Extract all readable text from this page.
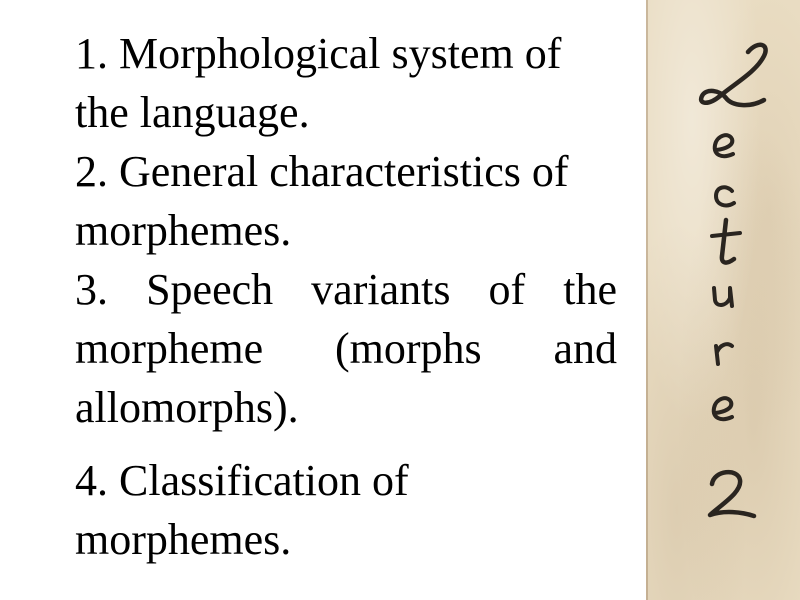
1. Morphological system of the language.

2. General characteristics of morphemes.

3. Speech variants of the morpheme (morphs and allomorphs).

4. Classification of morphemes.
